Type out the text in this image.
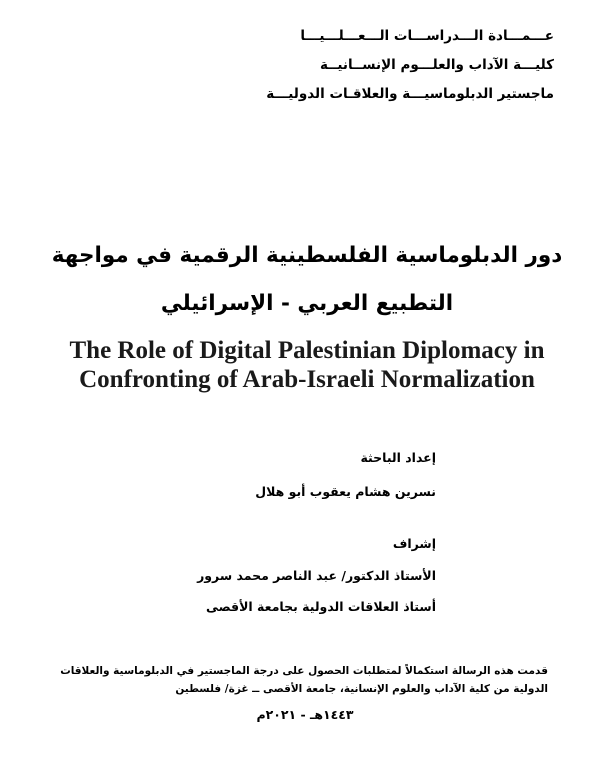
عـــمـــادة الـــدراســـات الـــعـــلـــيـــا
كليـــة الآداب والعلـــوم الإنســانيــة
ماجستير الدبلوماسيـــة والعلاقـات الدوليـــة
دور الدبلوماسية الفلسطينية الرقمية في مواجهة
التطبيع العربي - الإسرائيلي
The Role of Digital Palestinian Diplomacy in
Confronting of Arab-Israeli Normalization
إعداد الباحثة
نسرين هشام يعقوب أبو هلال
إشراف
الأستاذ الدكتور/ عبد الناصر محمد سرور
أستاذ العلاقات الدولية بجامعة الأقصى
قدمت هذه الرسالة استكمالاً لمتطلبات الحصول على درجة الماجستير في الدبلوماسية والعلاقات
الدولية من كلية الآداب والعلوم الإنسانية، جامعة الأقصى ــ غزة/ فلسطين
١٤٤٣هـ - ٢٠٢١م
